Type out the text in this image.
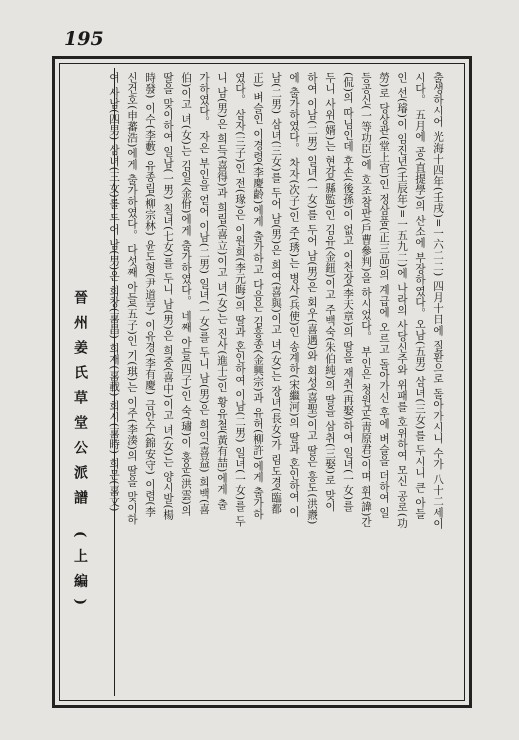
195
출생하시어 光海十四年(壬戌)=一六二二) 四月十日에 질환으로 돌아가시니 수가 八十二세이
시다。 五月에 공(直提學)의 산소에 부장하였다。오남(五男) 삼녀(三女)를 두시니 큰 아들
인 선(璿)이 임진년(壬辰年)=一五九二)에 나라의 사당신주와 위패를 호위하여 모신 공로(功
勞)로 당상관(堂上官)인 정삼품(正三品)의 계급에 오르고 돌아가신 후에 벼슬을 더하여 일
등공신(一等功臣)에 호조참판(戶曹參判)을 하시었다。 부인은 청원군(靑原君)이며 휘(諱)간
(侃)의 따님인데 후손(後孫)이 없고 이천장(李天章)의 딸을 재취(再娶)하여 일녀(一女)를
두니 사위(婿)는 현감(縣監)인 김유(金鈕)이고 주백숙(朱伯純)의 딸을 삼취(三娶)로 맞이
하여 이남(二男) 일녀(一女)를 두어 남(男)은 회우(喜遇)와 회성(喜聖)이고 딸은 흥도(洪燾)
에 출가하였다。 차자(次子)인 주(琇)는 병사(兵使)인 송계하(宋繼河)의 딸과 혼인하여 이
남(二男) 삼녀(三女)를 두어 남(男)은 희여(喜與)이고 녀(女)는 장녀(長女)가 림도경(臨都
正) 벼슬인 이경령(李慶齡)에게 출가하고 다음은 김흥종(金興宗)과 유허(柳許)에게 출가하
였다。 삼자(三子)인 전(瑑)은 이원희(李元晦)의 딸과 혼인하여 이남(二男) 일녀(一女)를 두
니 남(男)은 희득(喜得)과 희립(喜立)이고 녀(女)는 진사(進士)인 황유철(黃有喆)에게 출
가하였다。 자은 부인을 얻어 이남(二男) 일녀(一女)를 두니 남(男)은 희익(喜益) 희백(喜
伯)이고 녀(女)는 김일(金佾)에게 출가하였다。 네째 아들(四子)인 숙(璛)이 홍운(洪雲)의
딸을 맞이하여 일남(一男) 칠녀(七女)를 두니 남(男)은 희중(喜中)이고 녀(女)는 양시발(楊
時發) 이수(李藪) 유종림(柳宗林) 윤도형(尹道亨) 이유경(李有慶) 금안수(錦安守) 이렴(李
신건호(申蕃浩)에게 출가하였다。 다섯째 아들(五子)인 기(琪)는 이주(李湊)의 딸을 맞이하
여 사남(四男) 삼녀(三女)를 두어 남(男)은 희창(喜昌) 희재(喜載) 희시(喜時) 희문(喜文)
晉州姜氏草堂公派譜 (上編)
